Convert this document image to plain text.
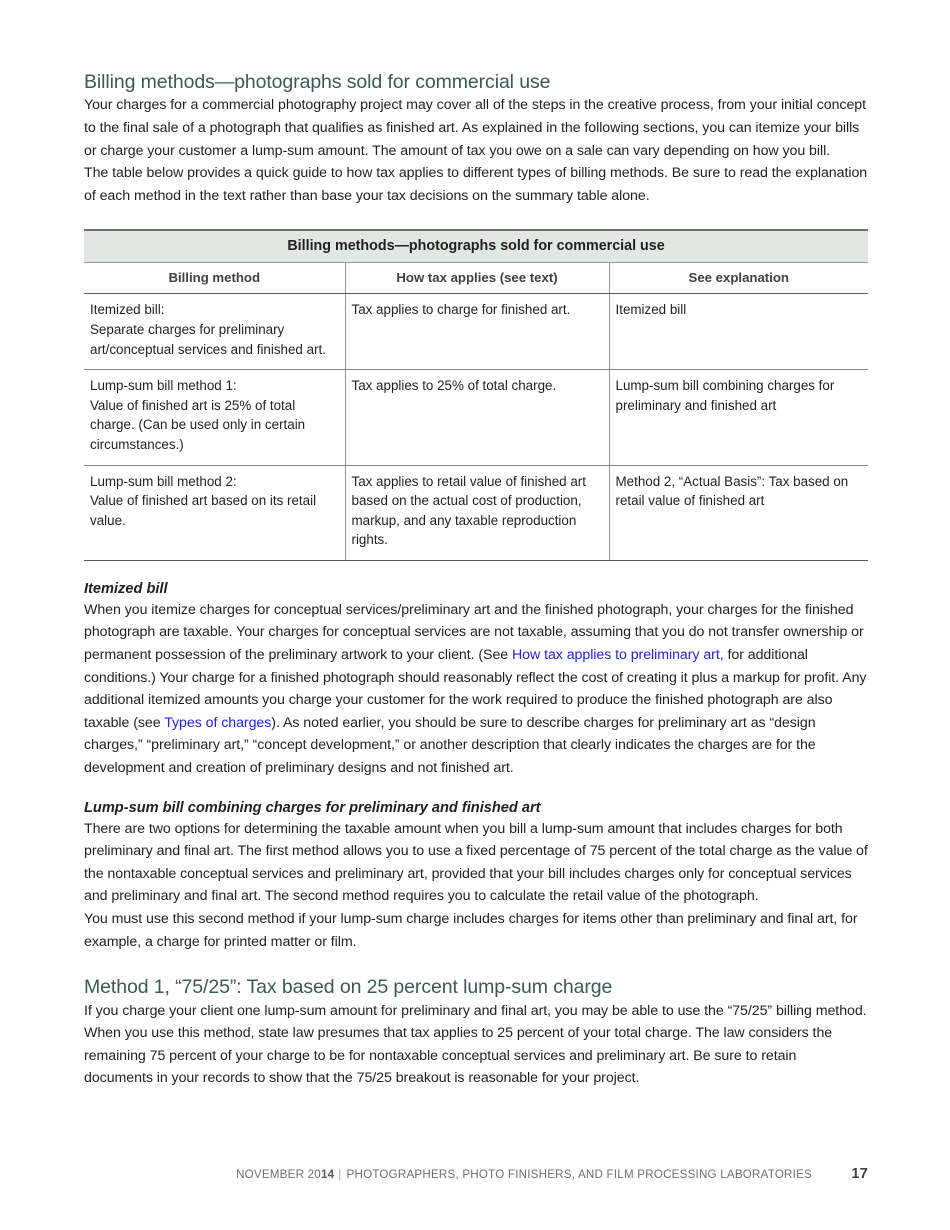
Billing methods—photographs sold for commercial use

Your charges for a commercial photography project may cover all of the steps in the creative process, from your initial concept to the final sale of a photograph that qualifies as finished art. As explained in the following sections, you can itemize your bills or charge your customer a lump-sum amount. The amount of tax you owe on a sale can vary depending on how you bill.

The table below provides a quick guide to how tax applies to different types of billing methods. Be sure to read the explanation of each method in the text rather than base your tax decisions on the summary table alone.

Billing methods—photographs sold for commercial use		
Billing method	How tax applies (see text)	See explanation

Itemized bill:
Separate charges for preliminary art/conceptual services and finished art.	Tax applies to charge for finished art.	Itemized bill

Lump-sum bill method 1:
Value of finished art is 25% of total charge. (Can be used only in certain circumstances.)	Tax applies to 25% of total charge.	Lump-sum bill combining charges for preliminary and finished art

Lump-sum bill method 2:
Value of finished art based on its retail value.	Tax applies to retail value of finished art based on the actual cost of production, markup, and any taxable reproduction rights.	Method 2, “Actual Basis”: Tax based on retail value of finished art
Itemized bill

When you itemize charges for conceptual services/preliminary art and the finished photograph, your charges for the finished photograph are taxable. Your charges for conceptual services are not taxable, assuming that you do not transfer ownership or permanent possession of the preliminary artwork to your client. (See How tax applies to preliminary art, for additional conditions.) Your charge for a finished photograph should reasonably reflect the cost of creating it plus a markup for profit. Any additional itemized amounts you charge your customer for the work required to produce the finished photograph are also taxable (see Types of charges). As noted earlier, you should be sure to describe charges for preliminary art as “design charges,” “preliminary art,” “concept development,” or another description that clearly indicates the charges are for the development and creation of preliminary designs and not finished art.

Lump-sum bill combining charges for preliminary and finished art

There are two options for determining the taxable amount when you bill a lump-sum amount that includes charges for both preliminary and final art. The first method allows you to use a fixed percentage of 75 percent of the total charge as the value of the nontaxable conceptual services and preliminary art, provided that your bill includes charges only for conceptual services and preliminary and final art. The second method requires you to calculate the retail value of the photograph.

You must use this second method if your lump-sum charge includes charges for items other than preliminary and final art, for example, a charge for printed matter or film.

Method 1, “75/25”: Tax based on 25 percent lump-sum charge

If you charge your client one lump-sum amount for preliminary and final art, you may be able to use the “75/25” billing method. When you use this method, state law presumes that tax applies to 25 percent of your total charge. The law considers the remaining 75 percent of your charge to be for nontaxable conceptual services and preliminary art. Be sure to retain documents in your records to show that the 75/25 breakout is reasonable for your project.

NOVEMBER 2014 | PHOTOGRAPHERS, PHOTO FINISHERS, AND FILM PROCESSING LABORATORIES	17
